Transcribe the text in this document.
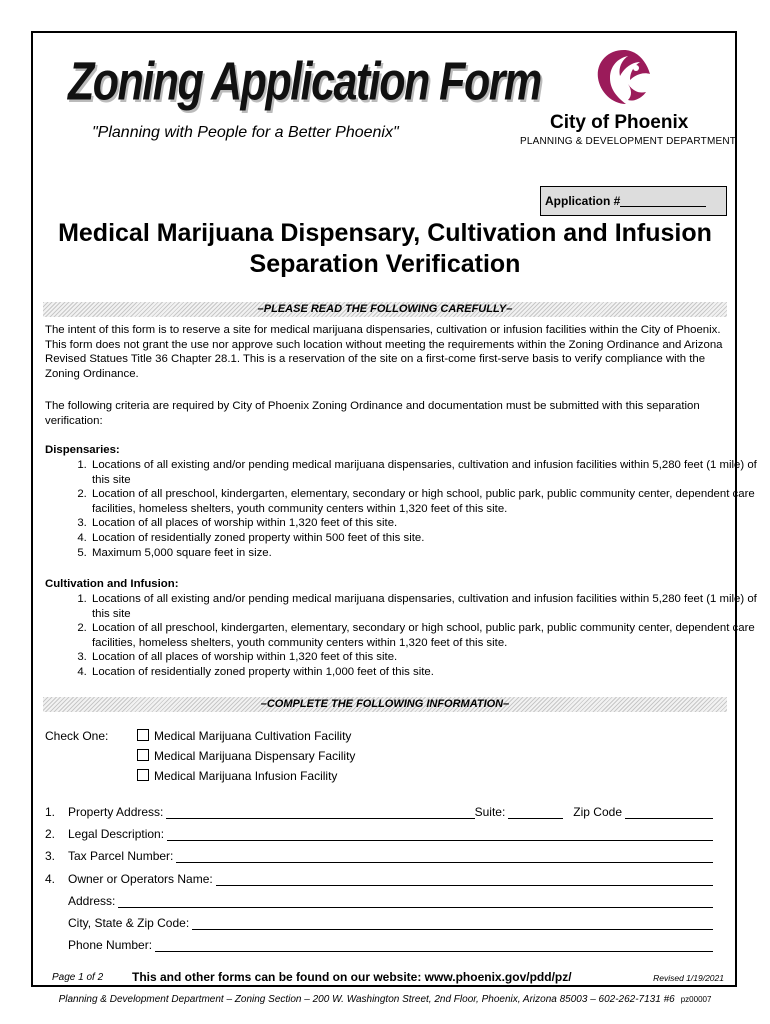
Zoning Application Form
"Planning with People for a Better Phoenix"	City of Phoenix
PLANNING & DEVELOPMENT DEPARTMENT
Application #
Medical Marijuana Dispensary, Cultivation and Infusion Separation Verification
–PLEASE READ THE FOLLOWING CAREFULLY–
The intent of this form is to reserve a site for medical marijuana dispensaries, cultivation or infusion facilities within the City of Phoenix. This form does not grant the use nor approve such location without meeting the requirements within the Zoning Ordinance and Arizona Revised Statues Title 36 Chapter 28.1. This is a reservation of the site on a first-come first-serve basis to verify compliance with the Zoning Ordinance.
The following criteria are required by City of Phoenix Zoning Ordinance and documentation must be submitted with this separation verification:
Dispensaries:
1. Locations of all existing and/or pending medical marijuana dispensaries, cultivation and infusion facilities within 5,280 feet (1 mile) of this site
2. Location of all preschool, kindergarten, elementary, secondary or high school, public park, public community center, dependent care facilities, homeless shelters, youth community centers within 1,320 feet of this site.
3. Location of all places of worship within 1,320 feet of this site.
4. Location of residentially zoned property within 500 feet of this site.
5. Maximum 5,000 square feet in size.
Cultivation and Infusion:
1. Locations of all existing and/or pending medical marijuana dispensaries, cultivation and infusion facilities within 5,280 feet (1 mile) of this site
2. Location of all preschool, kindergarten, elementary, secondary or high school, public park, public community center, dependent care facilities, homeless shelters, youth community centers within 1,320 feet of this site.
3. Location of all places of worship within 1,320 feet of this site.
4. Location of residentially zoned property within 1,000 feet of this site.
–COMPLETE THE FOLLOWING INFORMATION–
Check One:	Medical Marijuana Cultivation Facility
Medical Marijuana Dispensary Facility
Medical Marijuana Infusion Facility
1.	Property Address:	Suite:	Zip Code
2.	Legal Description:
3.	Tax Parcel Number:
4.	Owner or Operators Name:
Address:
City, State & Zip Code:
Phone Number:
Page 1 of 2 This and other forms can be found on our website: www.phoenix.gov/pdd/pz/	Revised 1/19/2021
Planning & Development Department – Zoning Section – 200 W. Washington Street, 2nd Floor, Phoenix, Arizona 85003 – 602-262-7131 #6 pz00007
